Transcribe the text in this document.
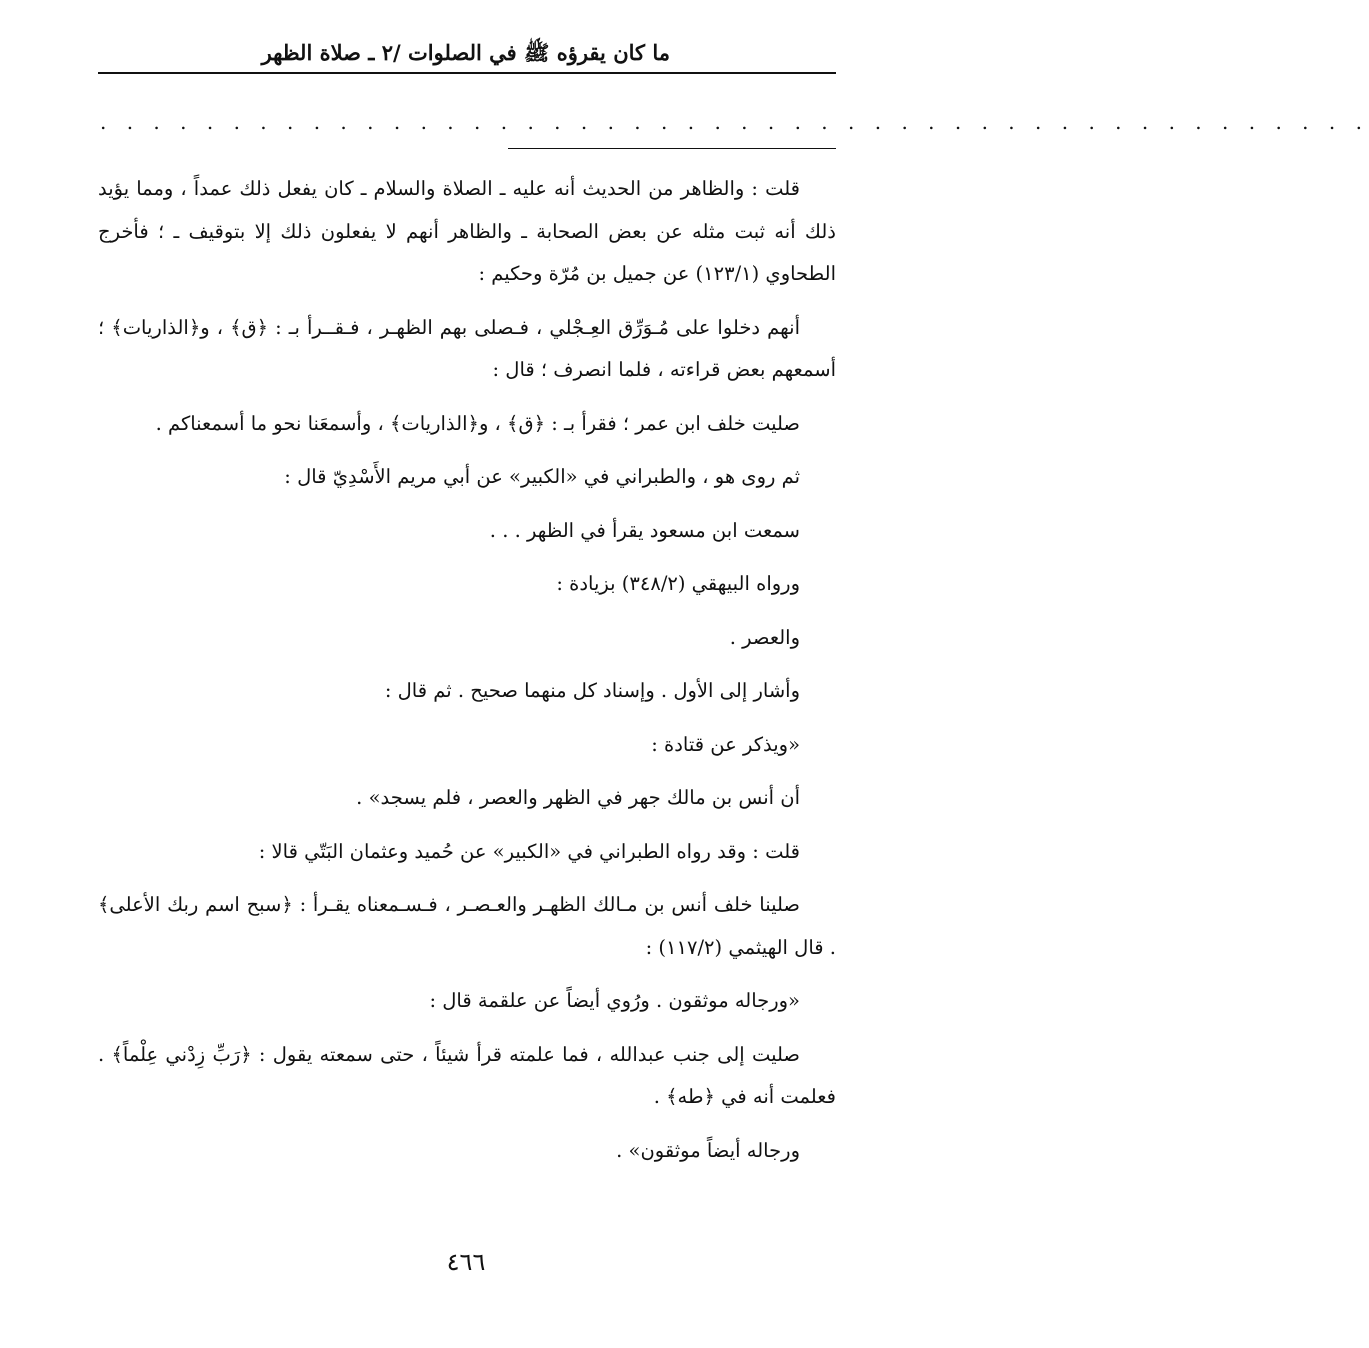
ما كان يقرؤه ﷺ في الصلوات /٢ ـ صلاة الظهر
. . . . . . . . . . . . . . . . . . . . . . . . . . . . . . . . . . . . . . . . . . . . . . . .

قلت : والظاهر من الحديث أنه عليه ـ الصلاة والسلام ـ كان يفعل ذلك عمداً ، ومما يؤيد ذلك أنه ثبت مثله عن بعض الصحابة ـ والظاهر أنهم لا يفعلون ذلك إلا بتوقيف ـ ؛ فأخرج الطحاوي (١٢٣/١) عن جميل بن مُرّة وحكيم :

أنهم دخلوا على مُـوَرِّق العِـجْلي ، فـصلى بهم الظهـر ، فـقــرأ بـ : ﴿ق﴾ ، و﴿الذاريات﴾ ؛ أسمعهم بعض قراءته ، فلما انصرف ؛ قال :

صليت خلف ابن عمر ؛ فقرأ بـ : ﴿ق﴾ ، و﴿الذاريات﴾ ، وأسمعَنا نحو ما أسمعناكم .

ثم روى هو ، والطبراني في «الكبير» عن أبي مريم الأَسْدِيّ قال :

سمعت ابن مسعود يقرأ في الظهر . . .

ورواه البيهقي (٣٤٨/٢) بزيادة :

والعصر .

وأشار إلى الأول . وإسناد كل منهما صحيح . ثم قال :

«ويذكر عن قتادة :

أن أنس بن مالك جهر في الظهر والعصر ، فلم يسجد» .

قلت : وقد رواه الطبراني في «الكبير» عن حُميد وعثمان البَتّي قالا :

صلينا خلف أنس بن مـالك الظهـر والعـصـر ، فـسـمعناه يقـرأ : ﴿سبح اسم ربك الأعلى﴾ . قال الهيثمي (١١٧/٢) :

«ورجاله موثقون . ورُوي أيضاً عن علقمة قال :

صليت إلى جنب عبدالله ، فما علمته قرأ شيئاً ، حتى سمعته يقول : ﴿رَبِّ زِدْني عِلْماً﴾ . فعلمت أنه في ﴿طه﴾ .

ورجاله أيضاً موثقون» .

٤٦٦
